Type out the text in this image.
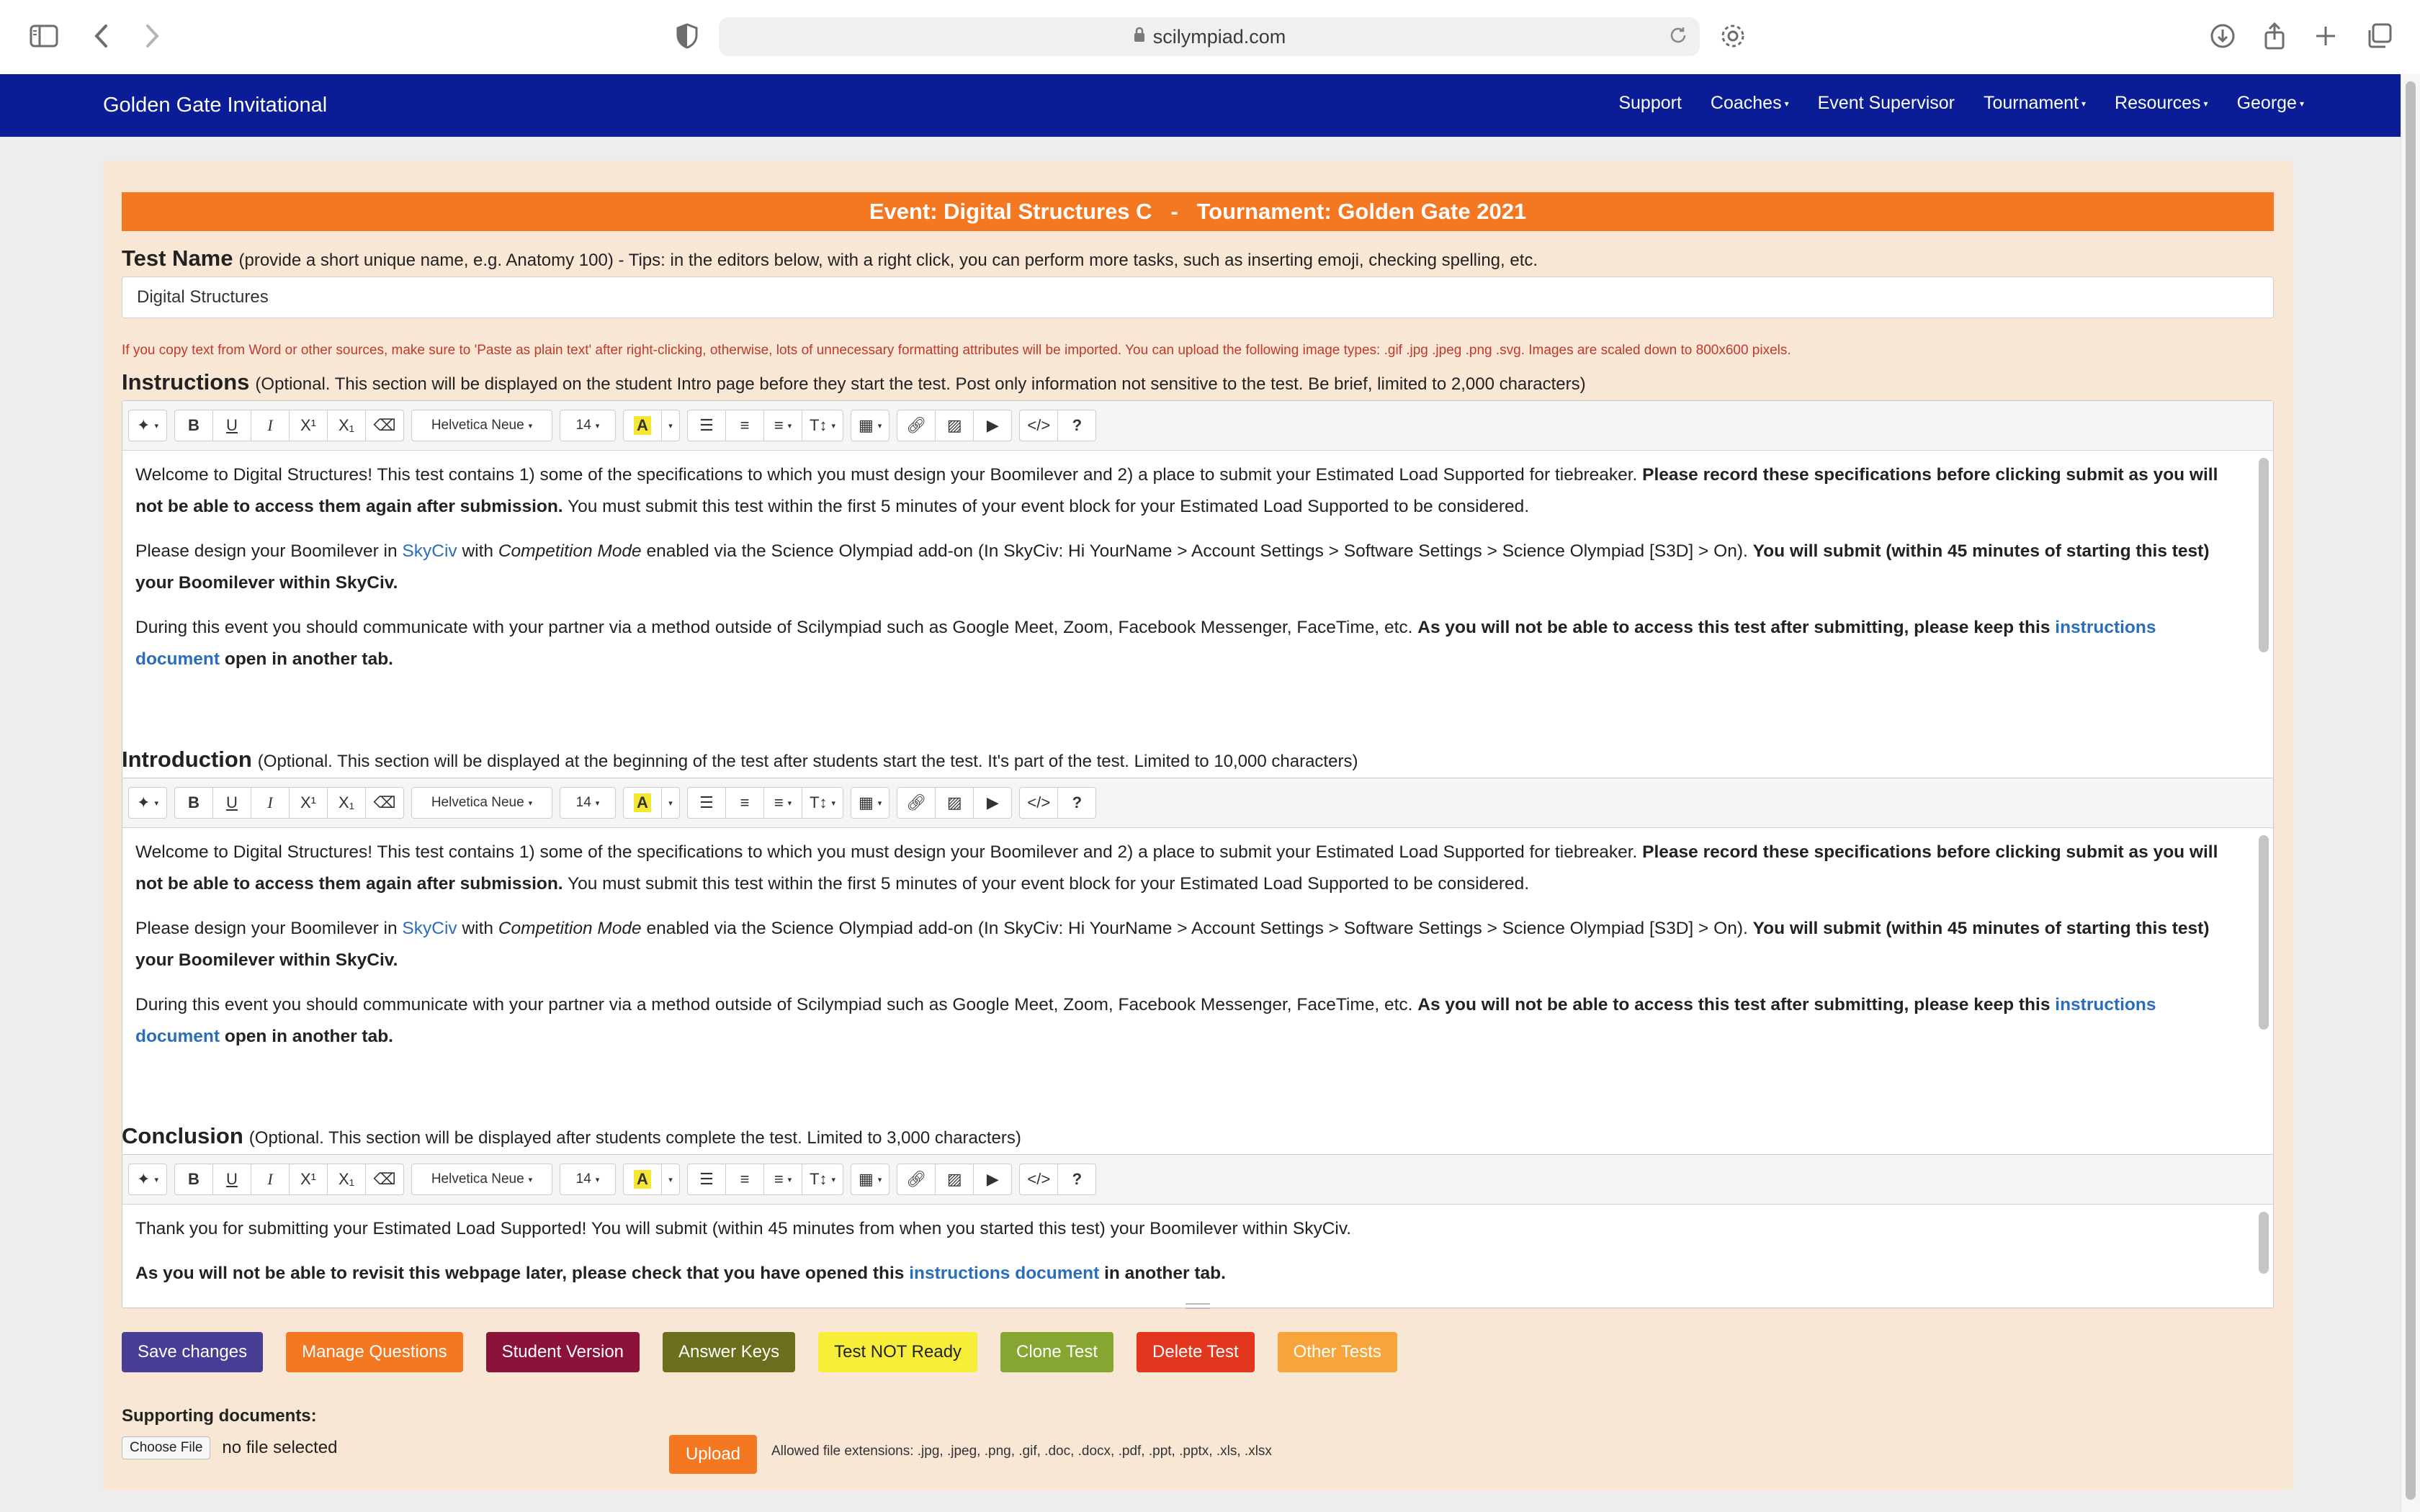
scilympiad.com
Golden Gate Invitational	Support Coaches ▾ Event Supervisor Tournament ▾ Resources ▾ George ▾
Event: Digital Structures C   -   Tournament: Golden Gate 2021
Test Name (provide a short unique name, e.g. Anatomy 100) - Tips: in the editors below, with a right click, you can perform more tasks, such as inserting emoji, checking spelling, etc.
Digital Structures
If you copy text from Word or other sources, make sure to 'Paste as plain text' after right-clicking, otherwise, lots of unnecessary formatting attributes will be imported. You can upload the following image types: .gif .jpg .jpeg .png .svg. Images are scaled down to 800x600 pixels.
Instructions (Optional. This section will be displayed on the student Intro page before they start the test. Post only information not sensitive to the test. Be brief, limited to 2,000 characters)
✦ ▾	B	U	I	X¹	X₁	⌫	Helvetica Neue ▾	14 ▾ A	▾	☰	≡	≡ ▾	T↕ ▾	▦ ▾	🔗︎	▨	▶	</>	?

Welcome to Digital Structures! This test contains 1) some of the specifications to which you must design your Boomilever and 2) a place to submit your Estimated Load Supported for tiebreaker. Please record these specifications before clicking submit as you will not be able to access them again after submission. You must submit this test within the first 5 minutes of your event block for your Estimated Load Supported to be considered.

Please design your Boomilever in SkyCiv with Competition Mode enabled via the Science Olympiad add-on (In SkyCiv: Hi YourName > Account Settings > Software Settings > Science Olympiad [S3D] > On). You will submit (within 45 minutes of starting this test) your Boomilever within SkyCiv.

During this event you should communicate with your partner via a method outside of Scilympiad such as Google Meet, Zoom, Facebook Messenger, FaceTime, etc. As you will not be able to access this test after submitting, please keep this instructions document open in another tab.

Introduction (Optional. This section will be displayed at the beginning of the test after students start the test. It's part of the test. Limited to 10,000 characters)
✦ ▾	B	U	I	X¹	X₁	⌫	Helvetica Neue ▾	14 ▾ A	▾	☰	≡	≡ ▾	T↕ ▾	▦ ▾	🔗︎	▨	▶	</>	?

Welcome to Digital Structures! This test contains 1) some of the specifications to which you must design your Boomilever and 2) a place to submit your Estimated Load Supported for tiebreaker. Please record these specifications before clicking submit as you will not be able to access them again after submission. You must submit this test within the first 5 minutes of your event block for your Estimated Load Supported to be considered.

Please design your Boomilever in SkyCiv with Competition Mode enabled via the Science Olympiad add-on (In SkyCiv: Hi YourName > Account Settings > Software Settings > Science Olympiad [S3D] > On). You will submit (within 45 minutes of starting this test) your Boomilever within SkyCiv.

During this event you should communicate with your partner via a method outside of Scilympiad such as Google Meet, Zoom, Facebook Messenger, FaceTime, etc. As you will not be able to access this test after submitting, please keep this instructions document open in another tab.

Conclusion (Optional. This section will be displayed after students complete the test. Limited to 3,000 characters)
✦ ▾	B	U	I	X¹	X₁	⌫	Helvetica Neue ▾	14 ▾ A	▾	☰	≡	≡ ▾	T↕ ▾	▦ ▾	🔗︎	▨	▶	</>	?

Thank you for submitting your Estimated Load Supported! You will submit (within 45 minutes from when you started this test) your Boomilever within SkyCiv.

As you will not be able to revisit this webpage later, please check that you have opened this instructions document in another tab.

Save changes	Manage Questions	Student Version	Answer Keys	Test NOT Ready	Clone Test	Delete Test	Other Tests
Supporting documents:
Choose File	no file selected	Upload	Allowed file extensions: .jpg, .jpeg, .png, .gif, .doc, .docx, .pdf, .ppt, .pptx, .xls, .xlsx
